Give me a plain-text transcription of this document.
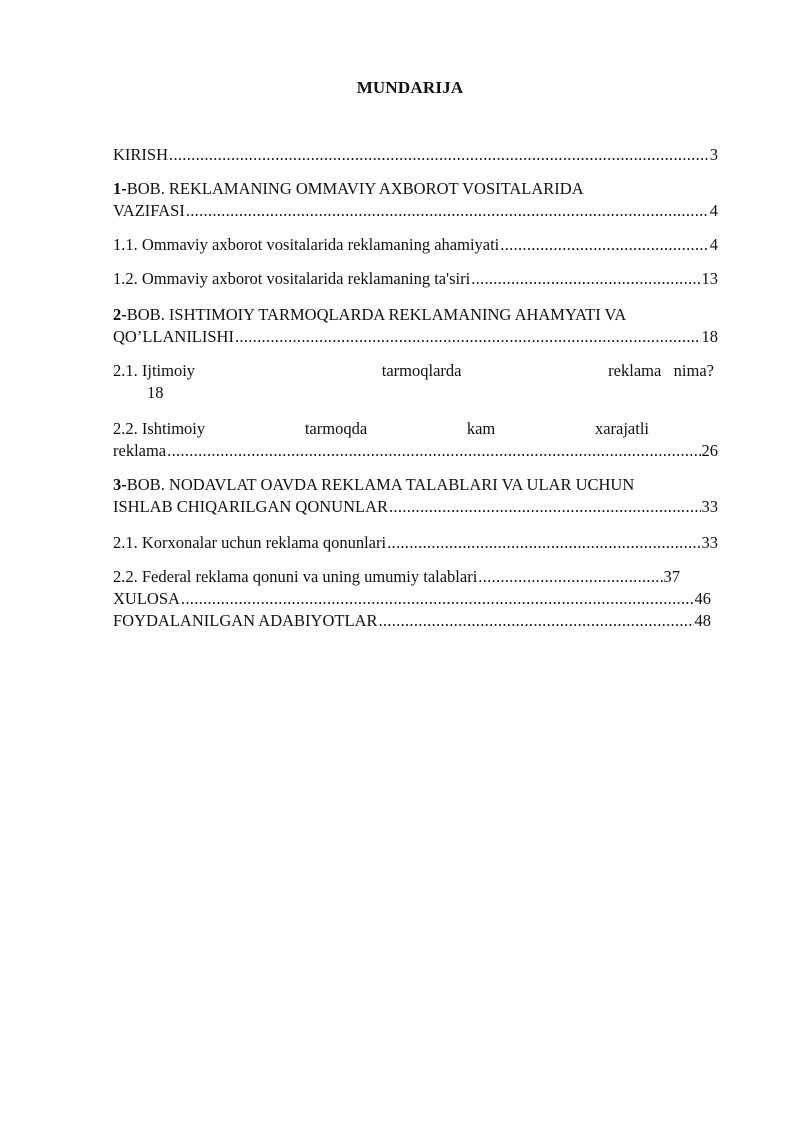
MUNDARIJA
KIRISH .....	3
1-BOB. REKLAMANING OMMAVIY AXBOROT VOSITALARIDA
VAZIFASI .....	4
1.1. Ommaviy axborot vositalarida reklamaning ahamiyati .....	4
1.2. Ommaviy axborot vositalarida reklamaning ta'siri .....	13
2-BOB. ISHTIMOIY TARMOQLARDA REKLAMANING AHAMYATI VA
QO’LLANILISHI .....	18
2.1. Ijtimoiy	tarmoqlarda	reklama   nima?
18
2.2. Ishtimoiy	tarmoqda	kam	xarajatli
reklama .....	26
3-BOB. NODAVLAT OAVDA REKLAMA TALABLARI VA ULAR UCHUN
ISHLAB CHIQARILGAN QONUNLAR .....	33
2.1. Korxonalar uchun reklama qonunlari .....	33
2.2. Federal reklama qonuni va uning umumiy talablari .....	37
XULOSA .....	46
FOYDALANILGAN ADABIYOTLAR .....	48
